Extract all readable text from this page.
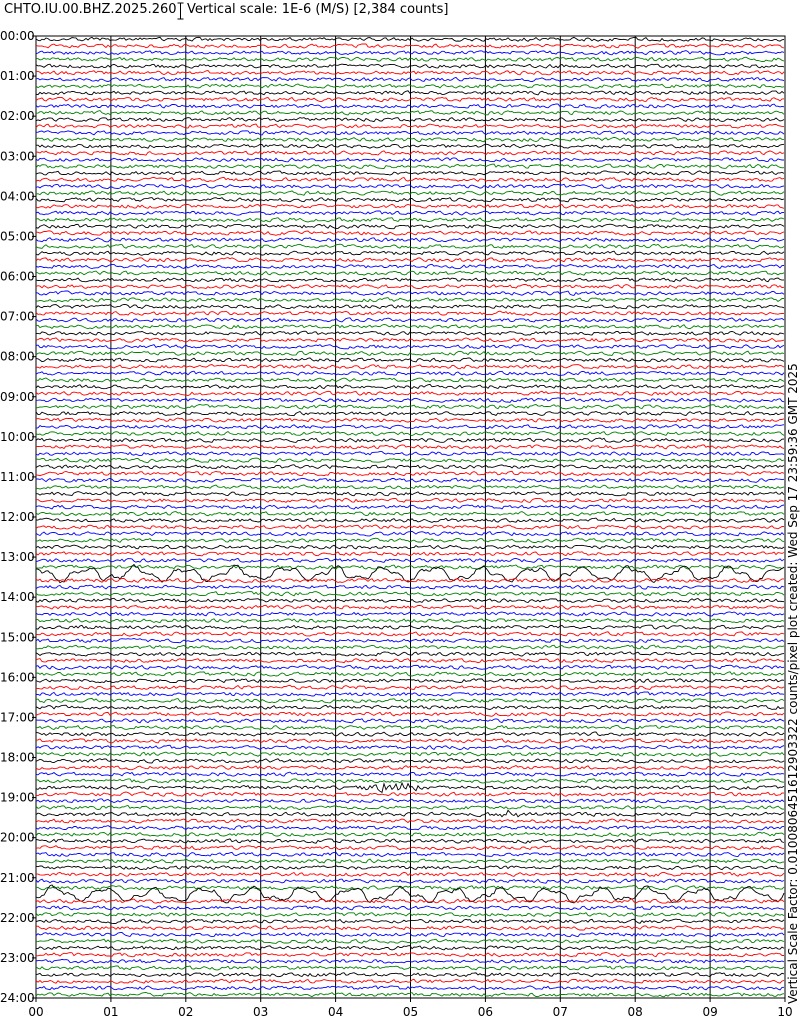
CHTO.IU.00.BHZ.2025.260 Vertical scale: 1E-6 (M/S) [2,384 counts]
00	01	02	03	04	05	06	07	08	09	10
00:00
01:00
02:00
03:00
04:00
05:00
06:00
07:00
08:00
09:00
10:00
11:00
12:00
13:00
14:00
15:00
16:00
17:00
18:00
19:00
20:00
21:00
22:00
23:00
24:00	Vertical Scale Factor: 0.0100806451612903322 counts/pixel plot created: Wed Sep 17 23:59:36 GMT 2025
